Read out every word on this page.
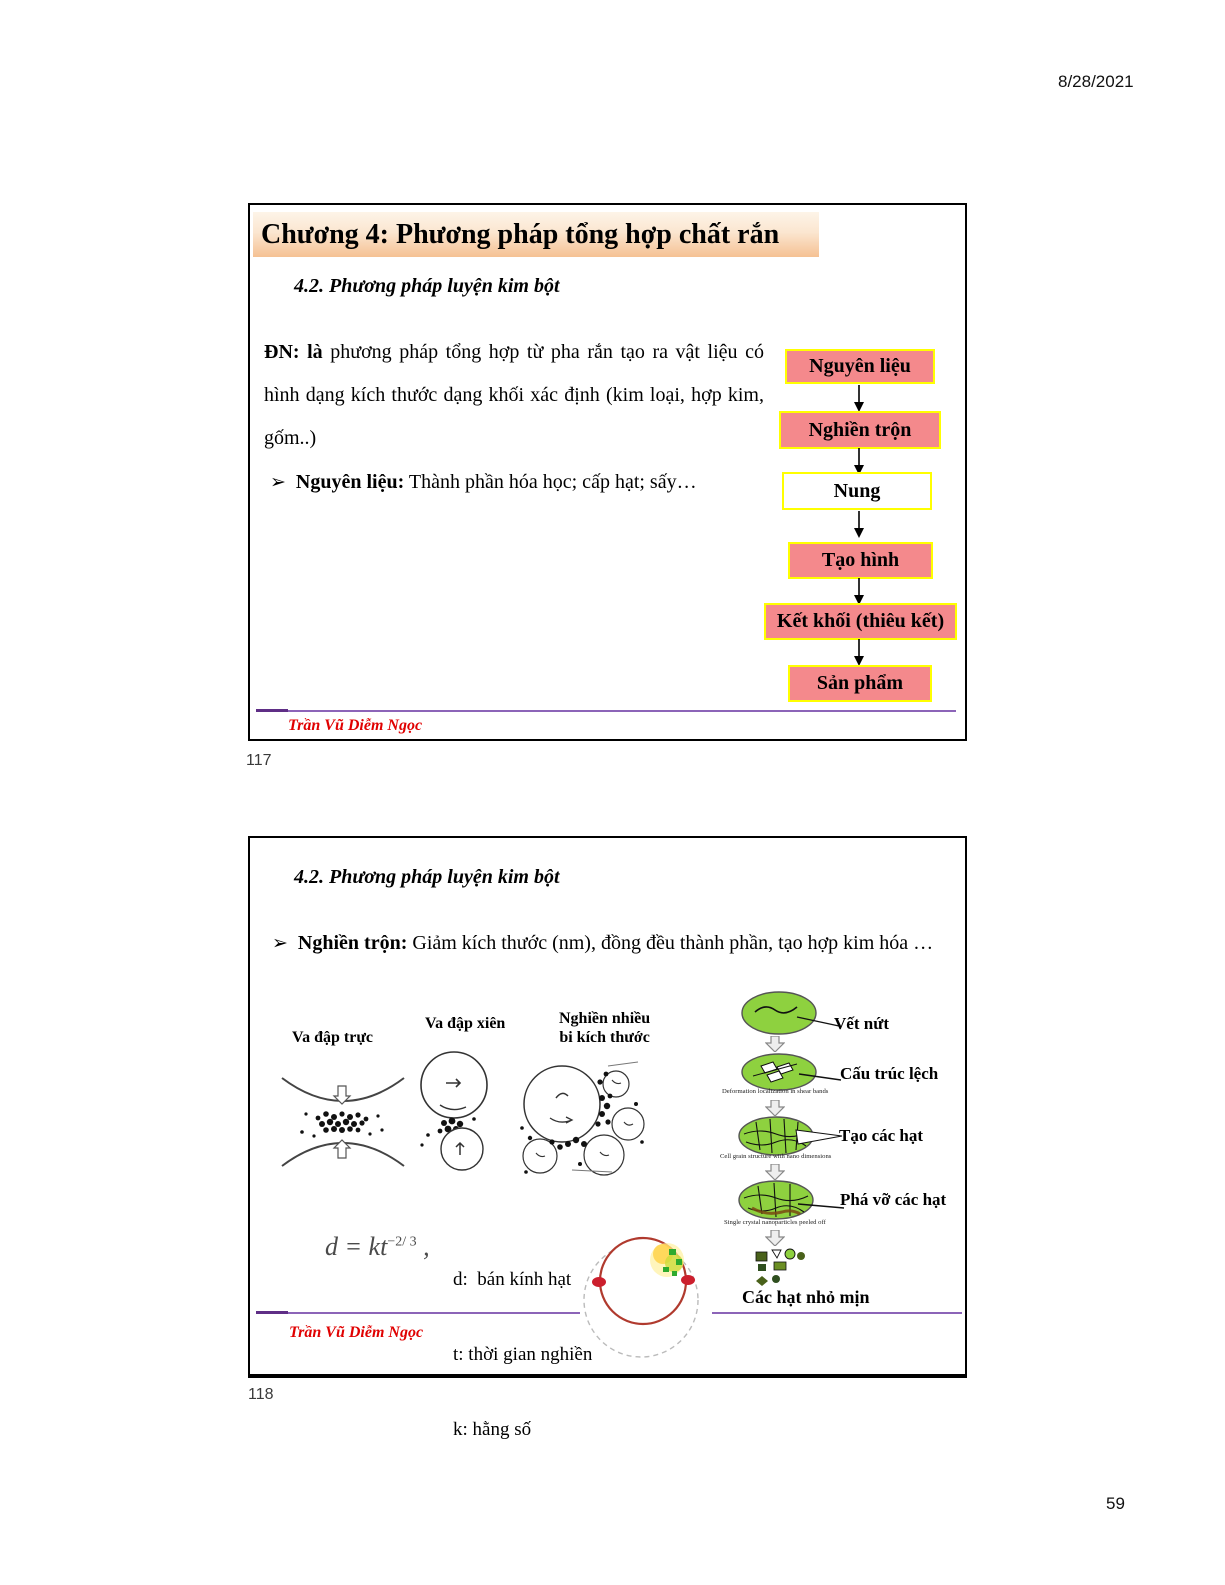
8/28/2021
Chương 4: Phương pháp tổng hợp chất rắn
4.2. Phương pháp luyện kim bột
ĐN: là phương pháp tổng hợp từ pha rắn tạo ra vật liệu có hình dạng kích thước dạng khối xác định (kim loại, hợp kim, gốm..)
➢ Nguyên liệu: Thành phần hóa học; cấp hạt; sấy…
Nguyên liệu
Nghiền trộn
Nung
Tạo hình
Kết khối (thiêu kết)
Sản phẩm
Trần Vũ Diễm Ngọc
117
4.2. Phương pháp luyện kim bột
➢ Nghiền trộn: Giảm kích thước (nm), đồng đều thành phần, tạo hợp kim hóa …
Va đập trực
Va đập xiên	Nghiền nhiều
bi kích thước
Vết nứt
Cấu trúc lệch
Deformation localization in shear bands
Tạo các hạt
Cell grain structure with nano dimensions
Phá vỡ các hạt
Single crystal nanoparticles peeled off
Các hạt nhỏ mịn
$d = kt^{-2/ 3}$ ,

d:  bán kính hạt

t: thời gian nghiền

k: hằng số

Trần Vũ Diễm Ngọc
118
59
